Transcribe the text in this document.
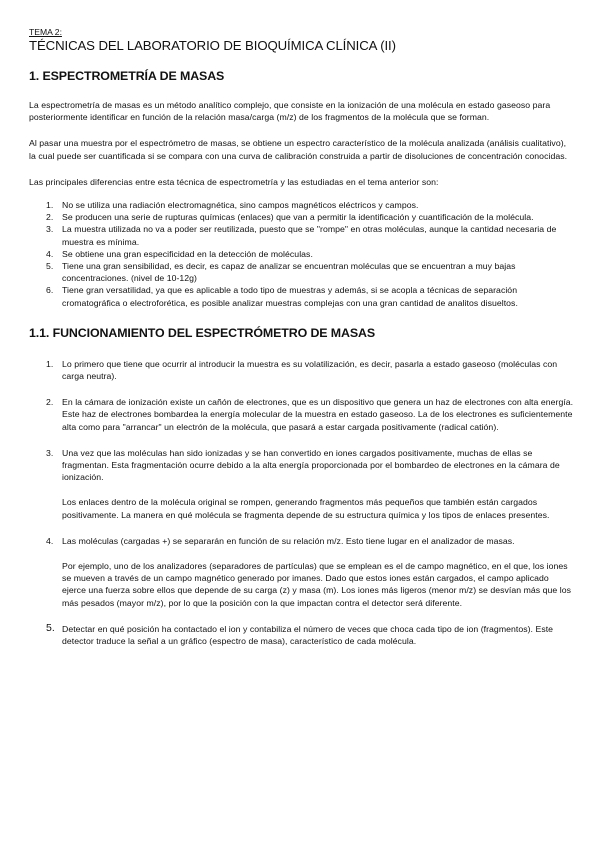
TEMA 2:

TÉCNICAS DEL LABORATORIO DE BIOQUÍMICA CLÍNICA (II)
1. ESPECTROMETRÍA DE MASAS

La espectrometría de masas es un método analítico complejo, que consiste en la ionización de una molécula en estado gaseoso para posteriormente identificar en función de la relación masa/carga (m/z) de los fragmentos de la molécula que se forman.

Al pasar una muestra por el espectrómetro de masas, se obtiene un espectro característico de la molécula analizada (análisis cualitativo), la cual puede ser cuantificada si se compara con una curva de calibración construida a partir de disoluciones de concentración conocidas.

Las principales diferencias entre esta técnica de espectrometría y las estudiadas en el tema anterior son:

1. No se utiliza una radiación electromagnética, sino campos magnéticos eléctricos y campos.
2. Se producen una serie de rupturas químicas (enlaces) que van a permitir la identificación y cuantificación de la molécula.
3. La muestra utilizada no va a poder ser reutilizada, puesto que se "rompe" en otras moléculas, aunque la cantidad necesaria de muestra es mínima.
4. Se obtiene una gran especificidad en la detección de moléculas.
5. Tiene una gran sensibilidad, es decir, es capaz de analizar se encuentran moléculas que se encuentran a muy bajas concentraciones. (nivel de 10-12g)
6. Tiene gran versatilidad, ya que es aplicable a todo tipo de muestras y además, si se acopla a técnicas de separación cromatográfica o electroforética, es posible analizar muestras complejas con una gran cantidad de analitos disueltos.
1.1. FUNCIONAMIENTO DEL ESPECTRÓMETRO DE MASAS
1. Lo primero que tiene que ocurrir al introducir la muestra es su volatilización, es decir, pasarla a estado gaseoso (moléculas con carga neutra).
2. En la cámara de ionización existe un cañón de electrones, que es un dispositivo que genera un haz de electrones con alta energía. Este haz de electrones bombardea la energía molecular de la muestra en estado gaseoso. La de los electrones es suficientemente alta como para "arrancar" un electrón de la molécula, que pasará a estar cargada positivamente (radical catión).
3. Una vez que las moléculas han sido ionizadas y se han convertido en iones cargados positivamente, muchas de ellas se fragmentan. Esta fragmentación ocurre debido a la alta energía proporcionada por el bombardeo de electrones en la cámara de ionización.
Los enlaces dentro de la molécula original se rompen, generando fragmentos más pequeños que también están cargados positivamente. La manera en qué molécula se fragmenta depende de su estructura química y los tipos de enlaces presentes.
4. Las moléculas (cargadas +) se separarán en función de su relación m/z. Esto tiene lugar en el analizador de masas.
Por ejemplo, uno de los analizadores (separadores de partículas) que se emplean es el de campo magnético, en el que, los iones se mueven a través de un campo magnético generado por imanes. Dado que estos iones están cargados, el campo aplicado ejerce una fuerza sobre ellos que depende de su carga (z) y masa (m). Los iones más ligeros (menor m/z) se desvían más que los más pesados (mayor m/z), por lo que la posición con la que impactan contra el detector será diferente.
5. Detectar en qué posición ha contactado el ion y contabiliza el número de veces que choca cada tipo de ion (fragmentos). Este detector traduce la señal a un gráfico (espectro de masa), característico de cada molécula.
